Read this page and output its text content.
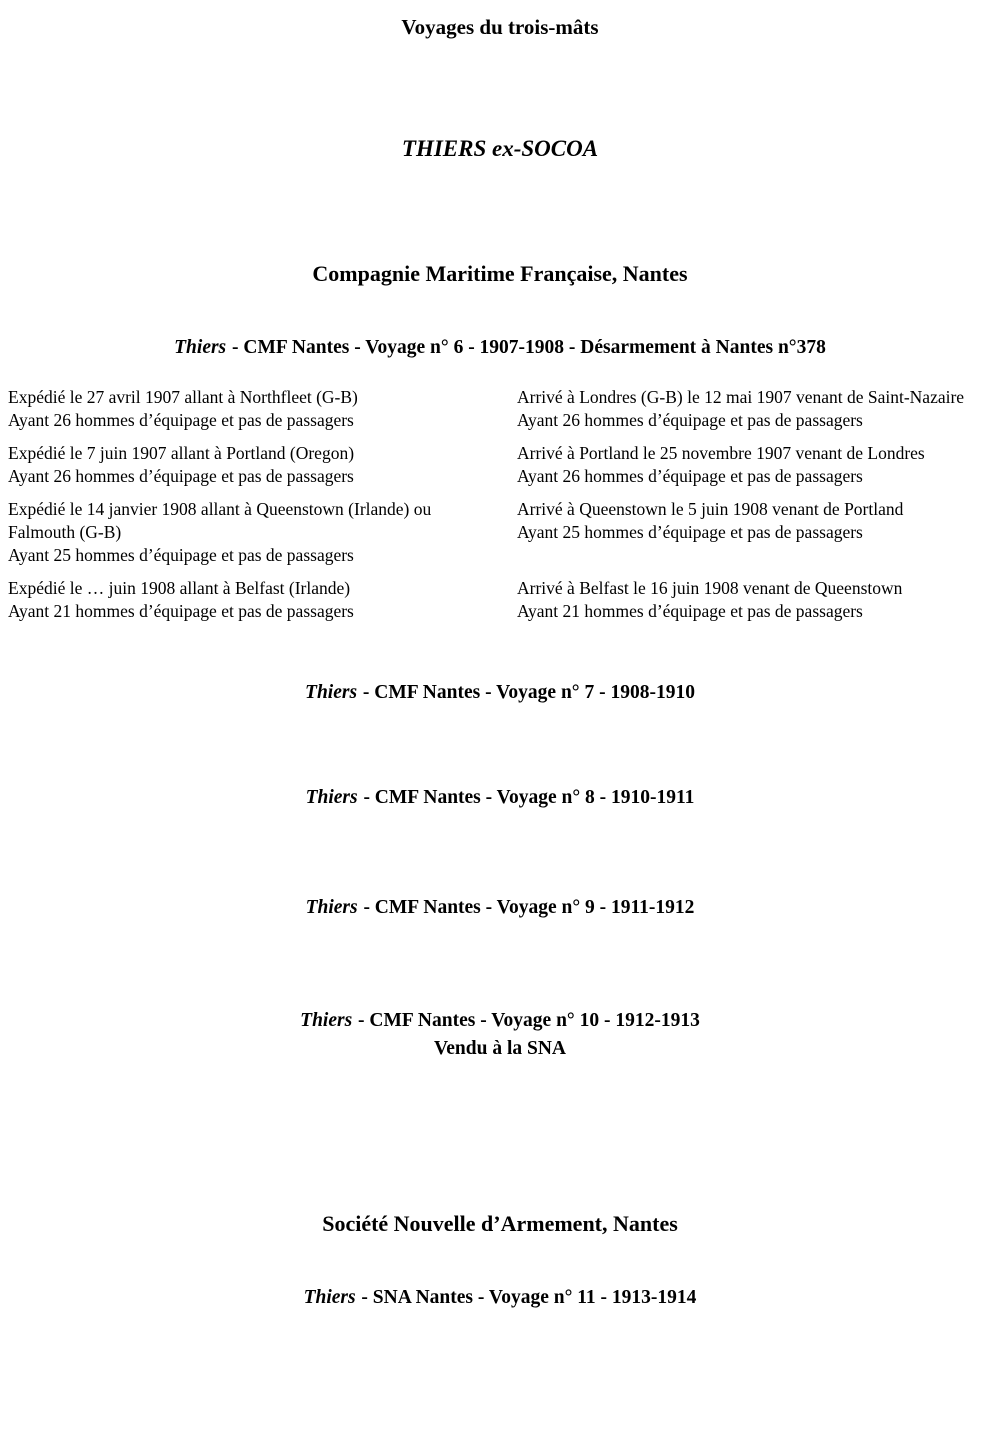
Voyages du trois-mâts
THIERS ex-SOCOA
Compagnie Maritime Française, Nantes
Thiers - CMF Nantes - Voyage n° 6 - 1907-1908 - Désarmement à Nantes n°378
Expédié le 27 avril 1907 allant à Northfleet (G-B)
Ayant 26 hommes d’équipage et pas de passagers
Arrivé à Londres (G-B) le 12 mai 1907 venant de Saint-Nazaire
Ayant 26 hommes d’équipage et pas de passagers
Expédié le 7 juin 1907 allant à Portland (Oregon)
Ayant 26 hommes d’équipage et pas de passagers
Arrivé à Portland le 25 novembre 1907 venant de Londres
Ayant 26 hommes d’équipage et pas de passagers
Expédié le 14 janvier 1908 allant à Queenstown (Irlande) ou Falmouth (G-B)
Ayant 25 hommes d’équipage et pas de passagers
Arrivé à Queenstown le 5 juin 1908 venant de Portland
Ayant 25 hommes d’équipage et pas de passagers
Expédié le … juin 1908 allant à Belfast (Irlande)
Ayant 21 hommes d’équipage et pas de passagers
Arrivé à Belfast le 16 juin 1908 venant de Queenstown
Ayant 21 hommes d’équipage et pas de passagers
Thiers - CMF Nantes - Voyage n° 7 - 1908-1910
Thiers - CMF Nantes - Voyage n° 8 - 1910-1911
Thiers - CMF Nantes - Voyage n° 9 - 1911-1912
Thiers - CMF Nantes - Voyage n° 10 - 1912-1913
Vendu à la SNA
Société Nouvelle d’Armement, Nantes
Thiers - SNA Nantes - Voyage n° 11 - 1913-1914
